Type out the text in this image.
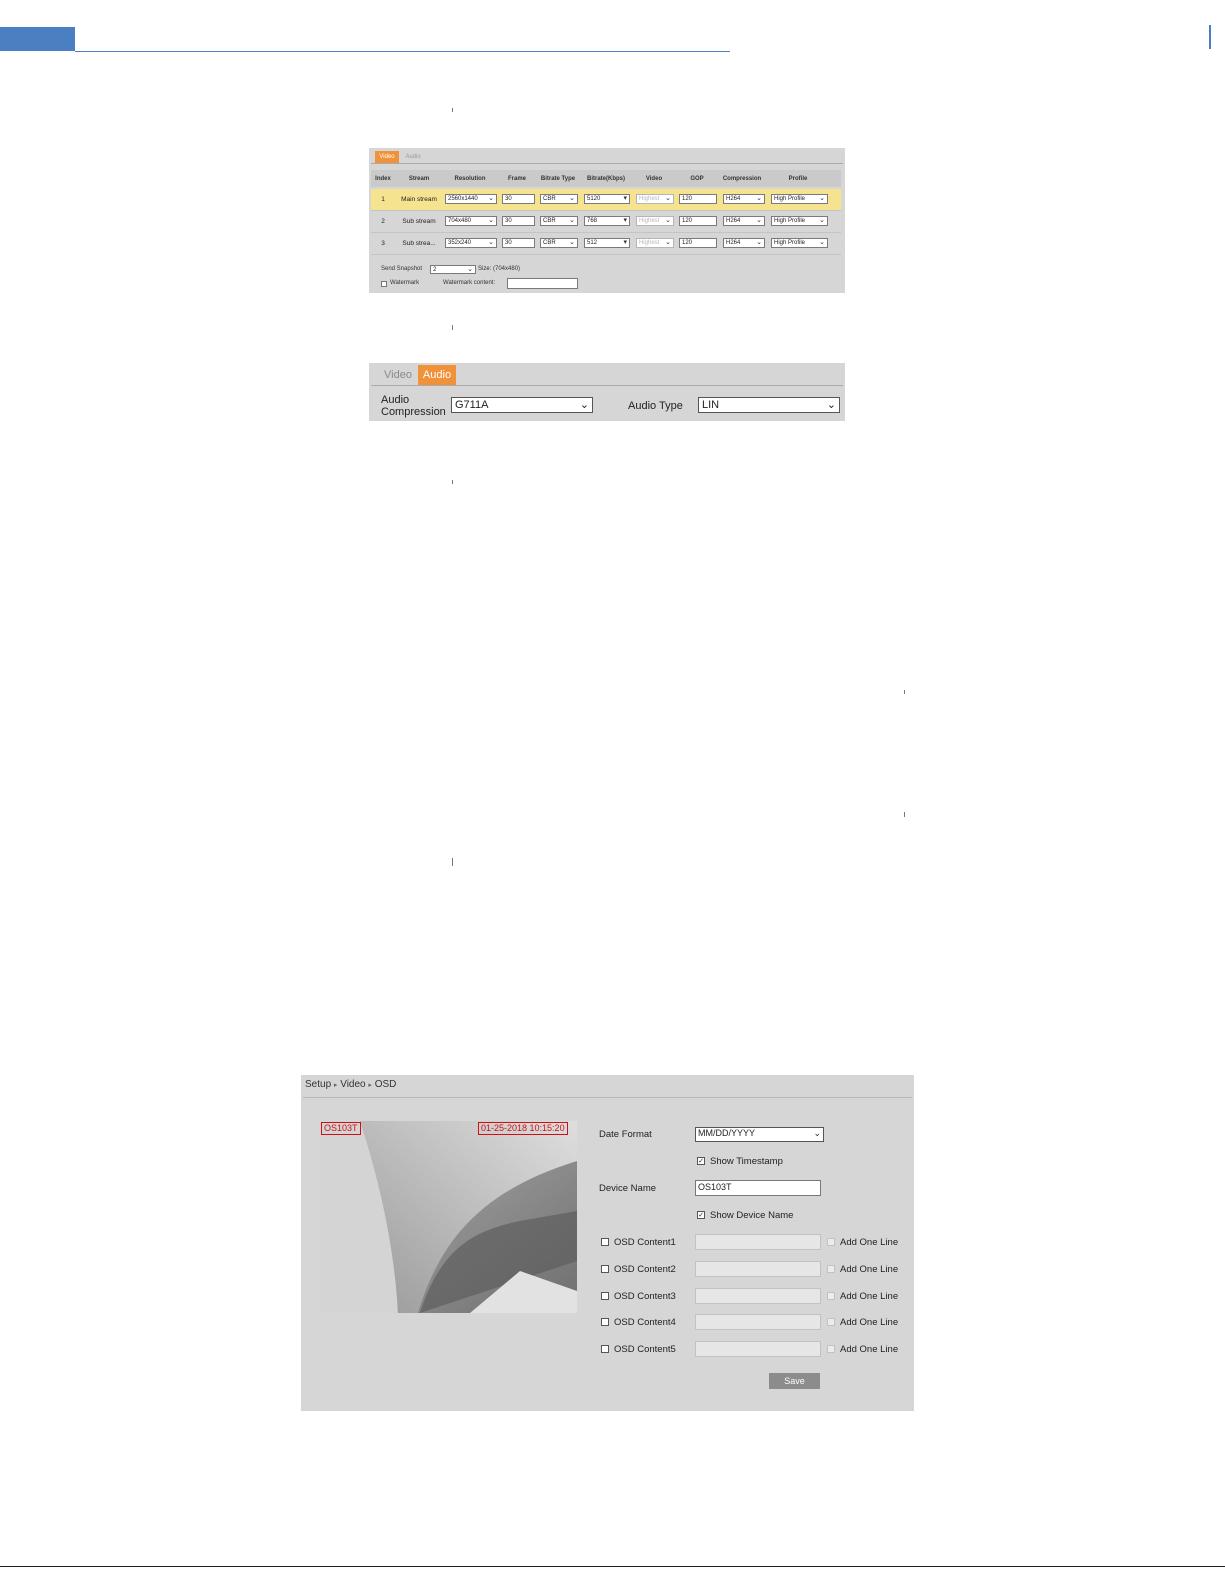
Video	Audio
Index	Stream	Resolution	Frame	Bitrate Type	Bitrate(Kbps)	Video	GOP	Compression	Profile
1	Main stream	2560x1440 ⌄	30	CBR ⌄	5120	▾	Highest ⌄	120	H264 ⌄	High Profile ⌄
2	Sub stream	704x480 ⌄	30	CBR ⌄	768	▾	Highest ⌄	120	H264 ⌄	High Profile ⌄
3	Sub strea...	352x240 ⌄	30	CBR ⌄	512	▾	Highest ⌄	120	H264 ⌄	High Profile ⌄
Send Snapshot	2	⌄ Size: (704x480)
Watermark	Watermark content:
Video Audio
Audio
Compression
G711A	⌄	Audio Type	LIN	⌄
Setup ▸ Video ▸ OSD
OS103T	01-25-2018 10:15:20
Date Format	MM/DD/YYYY	⌄
✓ Show Timestamp
Device Name	OS103T
✓ Show Device Name
OSD Content1	Add One Line
OSD Content2	Add One Line
OSD Content3	Add One Line
OSD Content4	Add One Line
OSD Content5	Add One Line
Save
